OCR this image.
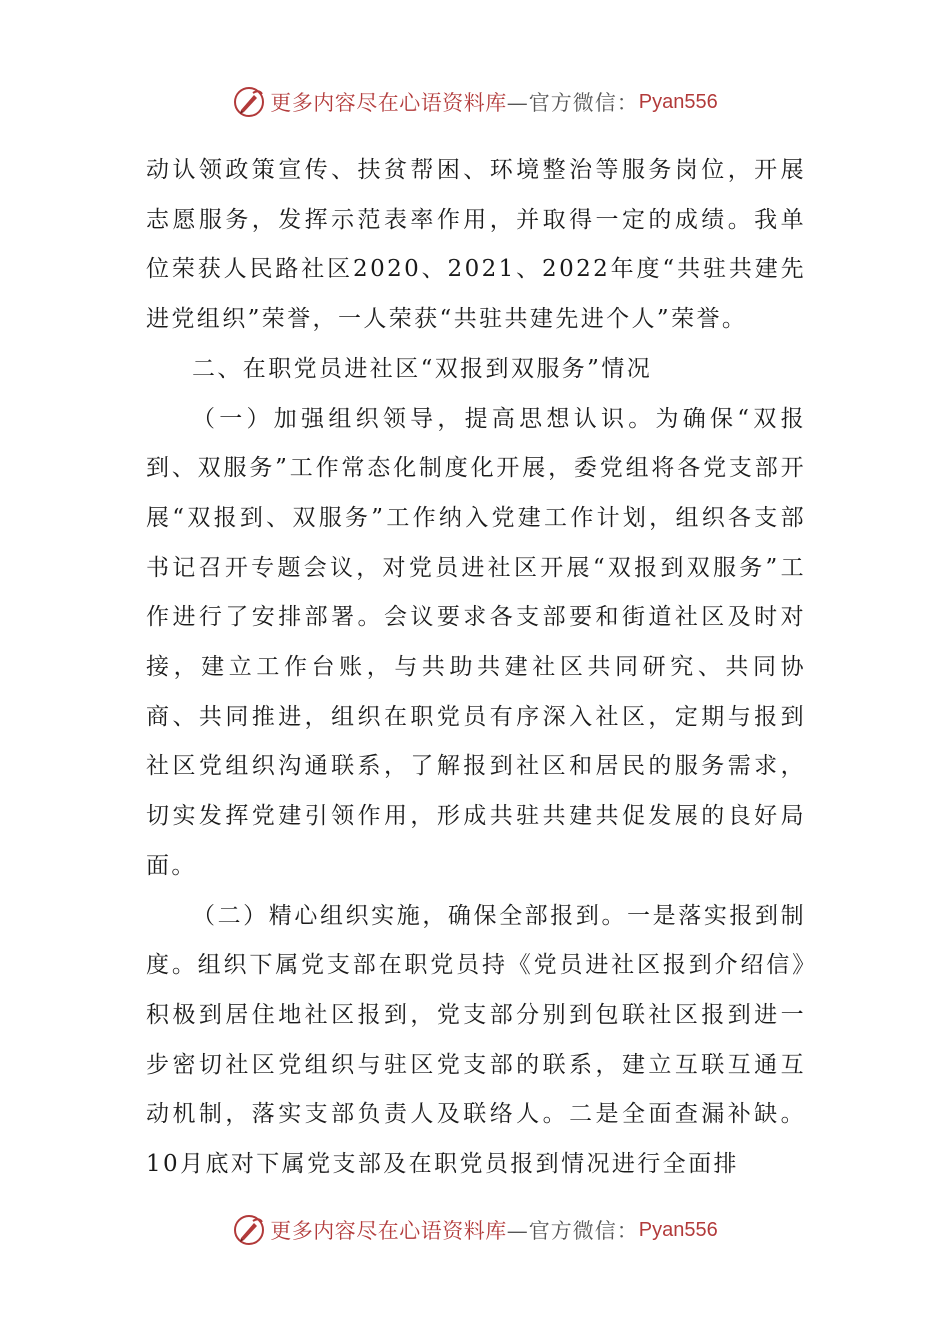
更多内容尽在心语资料库 —官方微信： Pyan556

动认领政策宣传、扶贫帮困、环境整治等服务岗位，开展志愿服务，发挥示范表率作用，并取得一定的成绩。我单位荣获人民路社区2020、2021、2022年度“共驻共建先进党组织”荣誉，一人荣获“共驻共建先进个人”荣誉。

二、在职党员进社区“双报到双服务”情况

（一）加强组织领导，提高思想认识。为确保“双报到、双服务”工作常态化制度化开展，委党组将各党支部开展“双报到、双服务”工作纳入党建工作计划，组织各支部书记召开专题会议，对党员进社区开展“双报到双服务”工作进行了安排部署。会议要求各支部要和街道社区及时对接，建立工作台账，与共助共建社区共同研究、共同协商、共同推进，组织在职党员有序深入社区，定期与报到社区党组织沟通联系，了解报到社区和居民的服务需求，切实发挥党建引领作用，形成共驻共建共促发展的良好局面。

（二）精心组织实施，确保全部报到。一是落实报到制度。组织下属党支部在职党员持《党员进社区报到介绍信》积极到居住地社区报到，党支部分别到包联社区报到进一步密切社区党组织与驻区党支部的联系，建立互联互通互动机制，落实支部负责人及联络人。二是全面查漏补缺。10月底对下属党支部及在职党员报到情况进行全面排

更多内容尽在心语资料库 —官方微信： Pyan556
